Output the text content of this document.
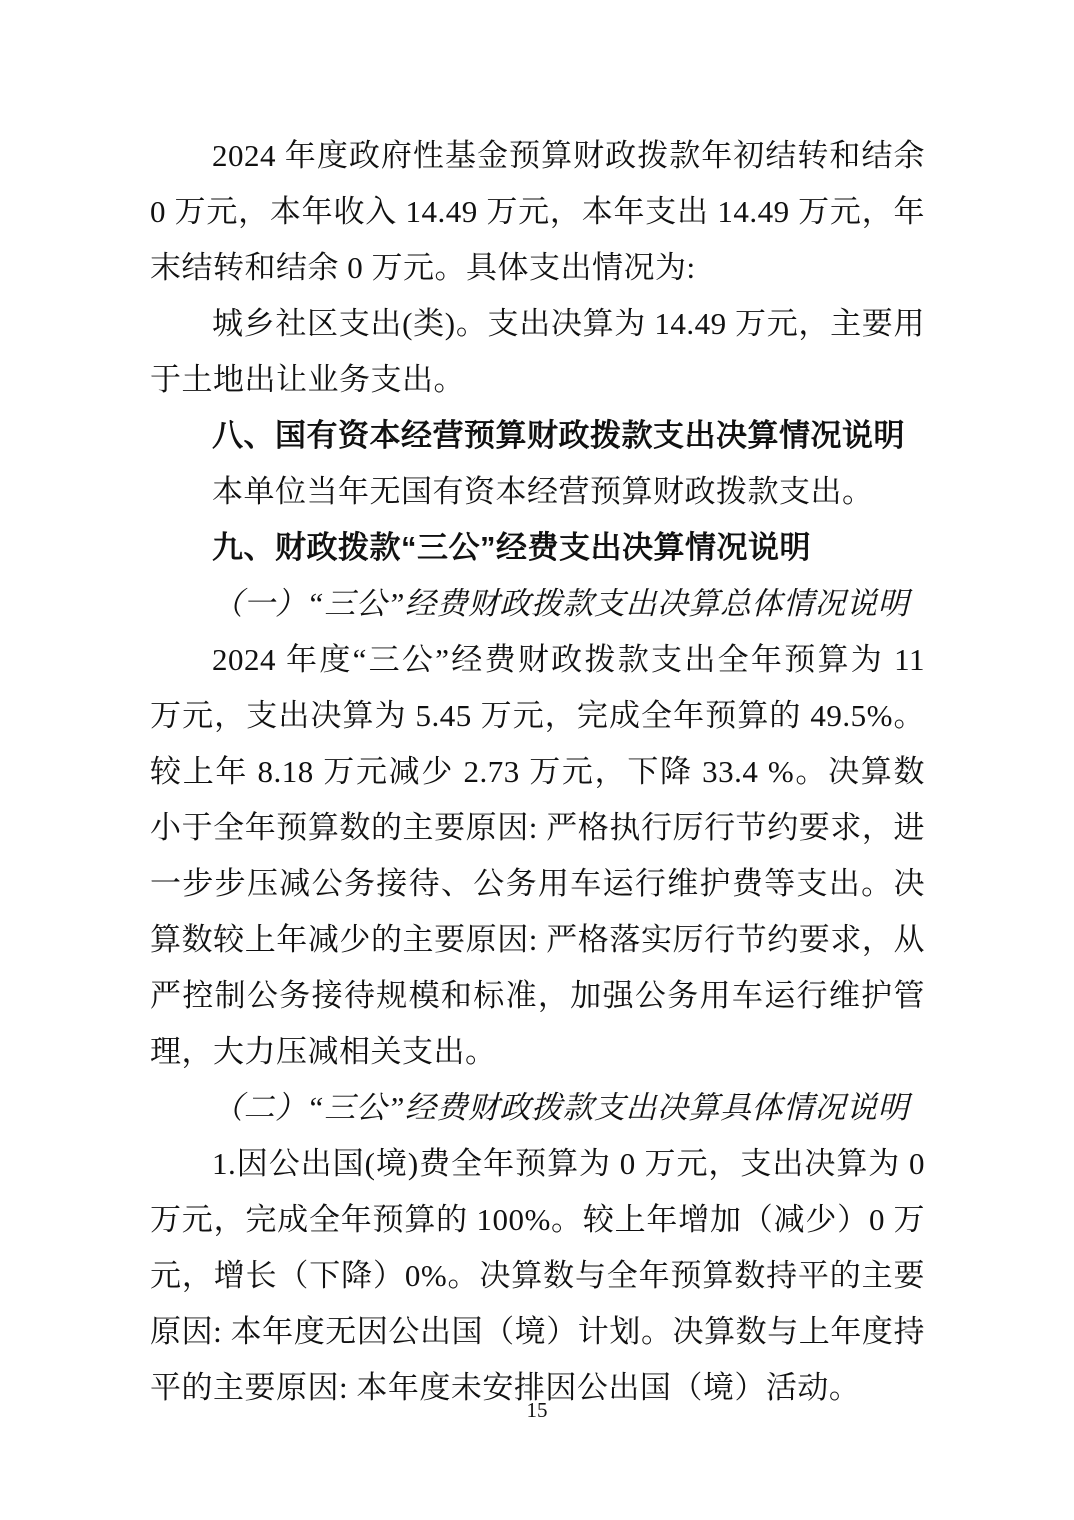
2024 年度政府性基金预算财政拨款年初结转和结余 0 万元，本年收入 14.49 万元，本年支出 14.49 万元，年末结转和结余 0 万元。具体支出情况为:

城乡社区支出(类)。支出决算为 14.49 万元，主要用于土地出让业务支出。

八、国有资本经营预算财政拨款支出决算情况说明

本单位当年无国有资本经营预算财政拨款支出。

九、财政拨款“三公”经费支出决算情况说明

（一）“三公”经费财政拨款支出决算总体情况说明

2024 年度“三公”经费财政拨款支出全年预算为 11 万元，支出决算为 5.45 万元，完成全年预算的 49.5%。较上年 8.18 万元减少 2.73 万元，下降 33.4 %。决算数小于全年预算数的主要原因: 严格执行厉行节约要求，进一步步压减公务接待、公务用车运行维护费等支出。决算数较上年减少的主要原因: 严格落实厉行节约要求，从严控制公务接待规模和标准，加强公务用车运行维护管理，大力压减相关支出。

（二）“三公”经费财政拨款支出决算具体情况说明

1.因公出国(境)费全年预算为 0 万元，支出决算为 0 万元，完成全年预算的 100%。较上年增加（减少）0 万元，增长（下降）0%。决算数与全年预算数持平的主要原因: 本年度无因公出国（境）计划。决算数与上年度持平的主要原因: 本年度未安排因公出国（境）活动。

15
